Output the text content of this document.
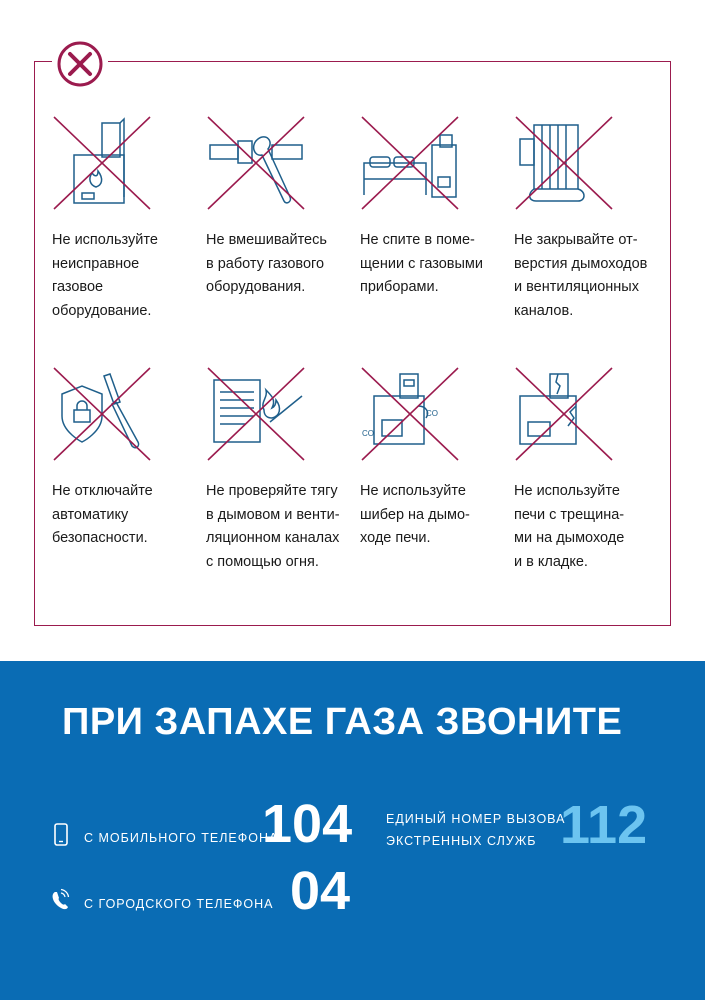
Не используйте
неисправное
газовое
оборудование.
Не вмешивайтесь
в работу газового
оборудования.
Не спите в поме-
щении с газовыми
приборами.
Не закрывайте от-
верстия дымоходов
и вентиляционных
каналов.
Не отключайте
автоматику
безопасности.
Не проверяйте тягу
в дымовом и венти-
ляционном каналах
с помощью огня.
CO
CO
Не используйте
шибер на дымо-
ходе печи.
Не используйте
печи с трещина-
ми на дымоходе
и в кладке.
ПРИ ЗАПАХЕ ГАЗА ЗВОНИТЕ
С МОБИЛЬНОГО ТЕЛЕФОНА
104
С ГОРОДСКОГО ТЕЛЕФОНА 04
ЕДИНЫЙ НОМЕР ВЫЗОВА
ЭКСТРЕННЫХ СЛУЖБ 112
